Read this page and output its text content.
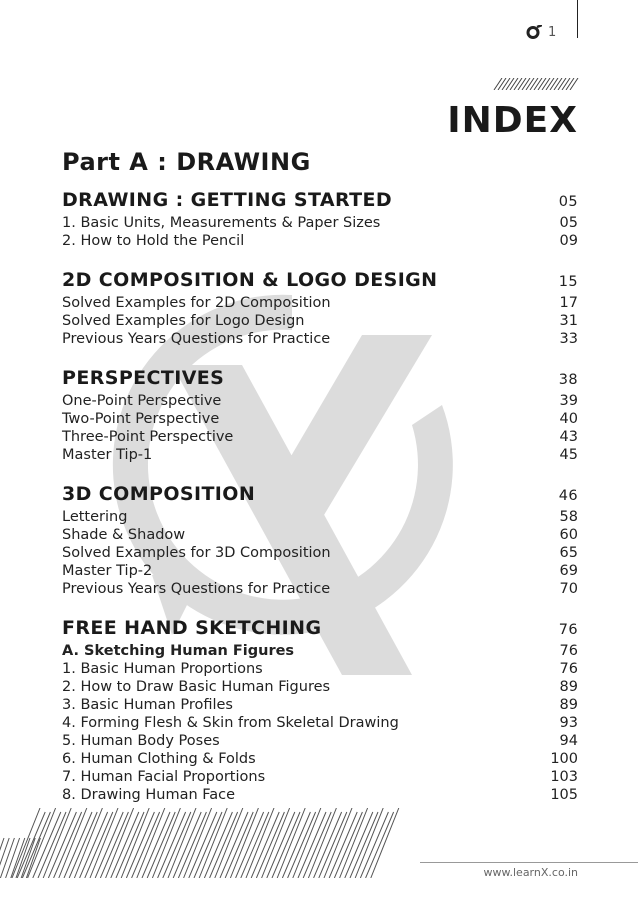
1
INDEX
Part A : DRAWING
DRAWING : GETTING STARTED	05
1. Basic Units, Measurements & Paper Sizes	05
2. How to Hold the Pencil	09
2D COMPOSITION & LOGO DESIGN	15
Solved Examples for 2D Composition	17
Solved Examples for Logo Design	31
Previous Years Questions for Practice	33
PERSPECTIVES	38
One-Point Perspective	39
Two-Point Perspective	40
Three-Point Perspective	43
Master Tip-1	45
3D COMPOSITION	46
Lettering	58
Shade & Shadow	60
Solved Examples for 3D Composition	65
Master Tip-2	69
Previous Years Questions for Practice	70
FREE HAND SKETCHING	76
A. Sketching Human Figures	76
1. Basic Human Proportions	76
2. How to Draw Basic Human Figures	89
3. Basic Human Profiles	89
4. Forming Flesh & Skin from Skeletal Drawing	93
5. Human Body Poses	94
6. Human Clothing & Folds	100
7. Human Facial Proportions	103
8. Drawing Human Face	105
www.learnX.co.in
